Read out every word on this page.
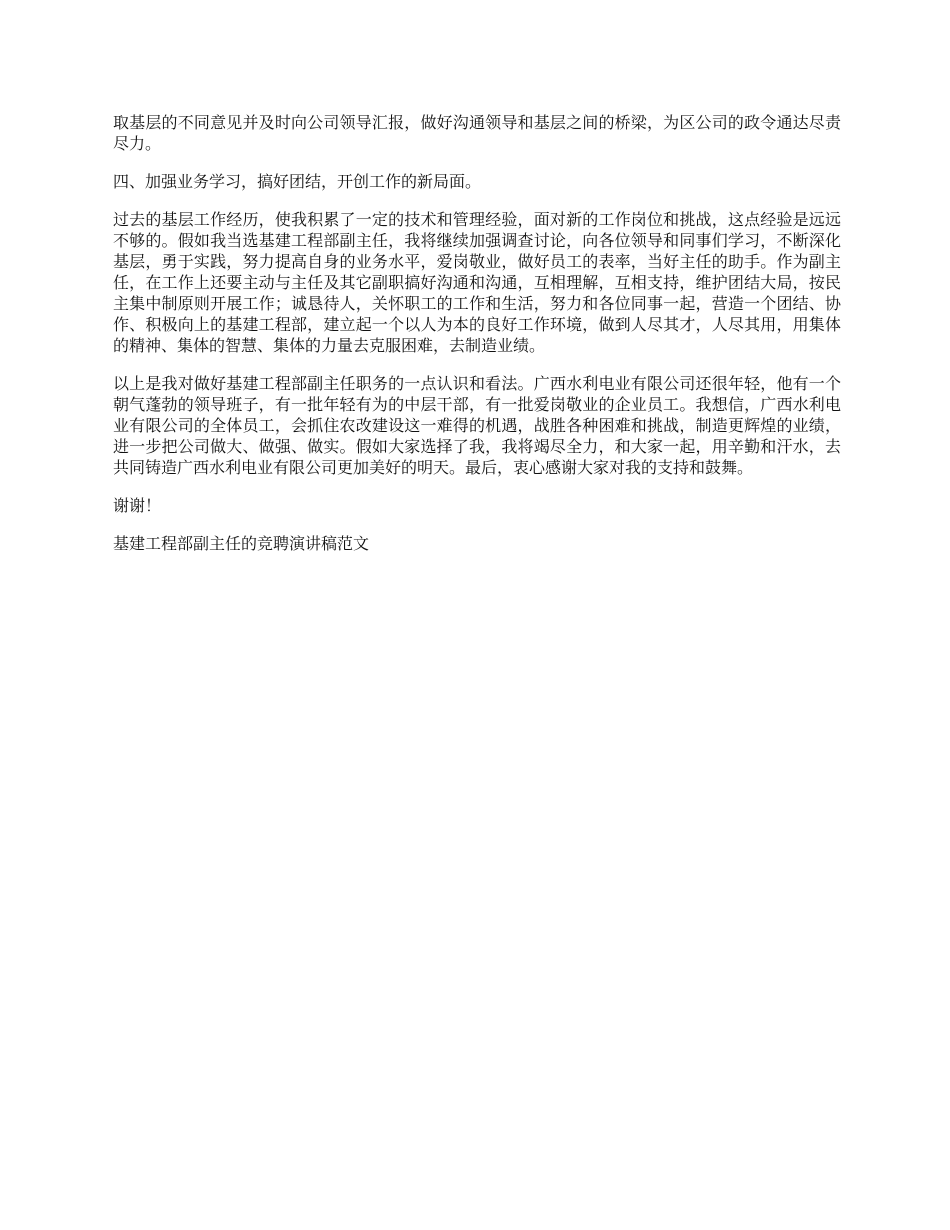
取基层的不同意见并及时向公司领导汇报，做好沟通领导和基层之间的桥梁，为区公司的政令通达尽责尽力。

四、加强业务学习，搞好团结，开创工作的新局面。

过去的基层工作经历，使我积累了一定的技术和管理经验，面对新的工作岗位和挑战，这点经验是远远不够的。假如我当选基建工程部副主任，我将继续加强调查讨论，向各位领导和同事们学习，不断深化基层，勇于实践，努力提高自身的业务水平，爱岗敬业，做好员工的表率，当好主任的助手。作为副主任，在工作上还要主动与主任及其它副职搞好沟通和沟通，互相理解，互相支持，维护团结大局，按民主集中制原则开展工作；诚恳待人，关怀职工的工作和生活，努力和各位同事一起，营造一个团结、协作、积极向上的基建工程部，建立起一个以人为本的良好工作环境，做到人尽其才，人尽其用，用集体的精神、集体的智慧、集体的力量去克服困难，去制造业绩。

以上是我对做好基建工程部副主任职务的一点认识和看法。广西水利电业有限公司还很年轻，他有一个朝气蓬勃的领导班子，有一批年轻有为的中层干部，有一批爱岗敬业的企业员工。我想信，广西水利电业有限公司的全体员工，会抓住农改建设这一难得的机遇，战胜各种困难和挑战，制造更辉煌的业绩，进一步把公司做大、做强、做实。假如大家选择了我，我将竭尽全力，和大家一起，用辛勤和汗水，去共同铸造广西水利电业有限公司更加美好的明天。最后，衷心感谢大家对我的支持和鼓舞。

谢谢！

基建工程部副主任的竞聘演讲稿范文
